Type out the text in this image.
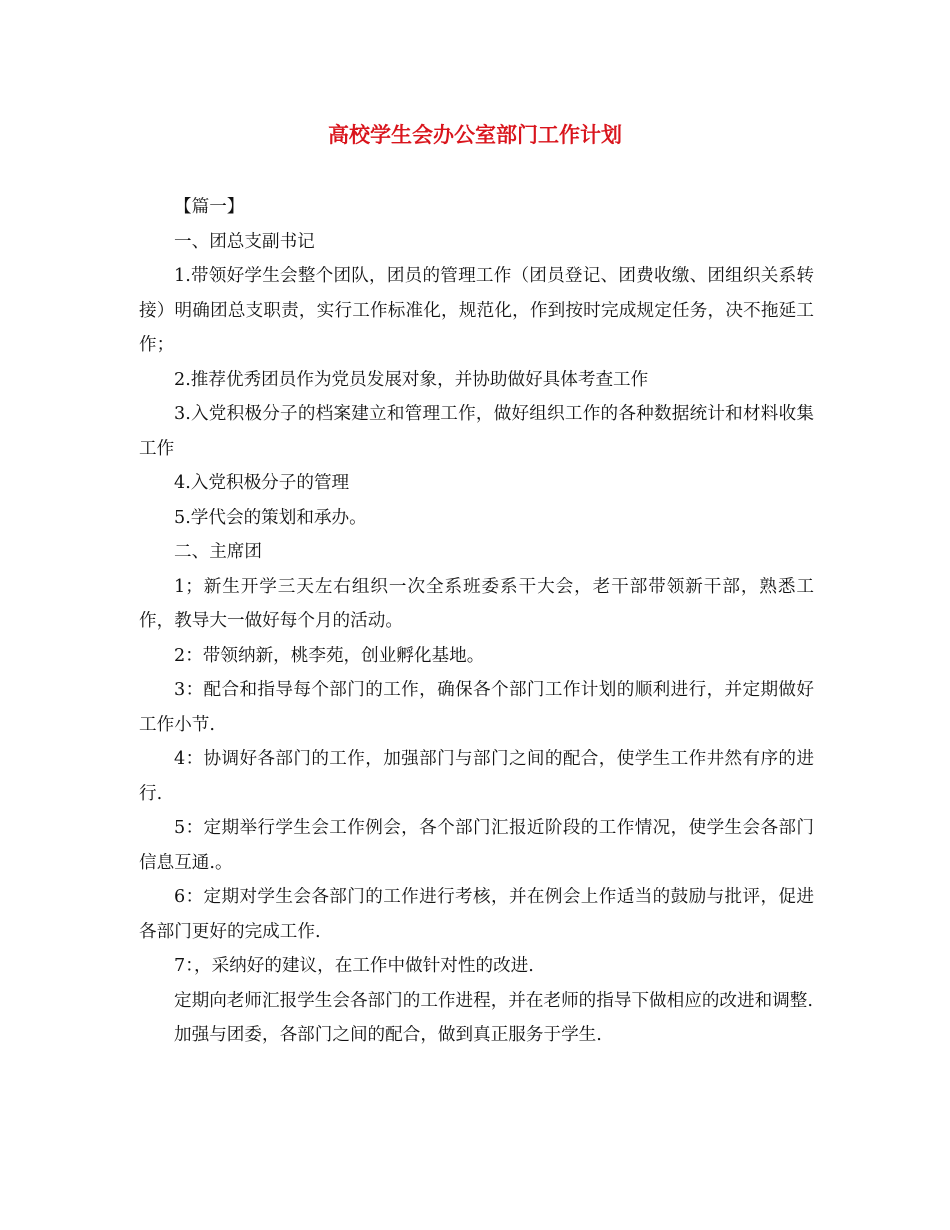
高校学生会办公室部门工作计划

【篇一】

一、团总支副书记

1.带领好学生会整个团队，团员的管理工作（团员登记、团费收缴、团组织关系转接）明确团总支职责，实行工作标准化，规范化，作到按时完成规定任务，决不拖延工作；

2.推荐优秀团员作为党员发展对象，并协助做好具体考查工作

3.入党积极分子的档案建立和管理工作，做好组织工作的各种数据统计和材料收集工作

4.入党积极分子的管理

5.学代会的策划和承办。

二、主席团

1；新生开学三天左右组织一次全系班委系干大会，老干部带领新干部，熟悉工作，教导大一做好每个月的活动。

2：带领纳新，桃李苑，创业孵化基地。

3：配合和指导每个部门的工作，确保各个部门工作计划的顺利进行，并定期做好工作小节.

4：协调好各部门的工作，加强部门与部门之间的配合，使学生工作井然有序的进行.

5：定期举行学生会工作例会，各个部门汇报近阶段的工作情况，使学生会各部门信息互通.。

6：定期对学生会各部门的工作进行考核，并在例会上作适当的鼓励与批评，促进各部门更好的完成工作.

7：，采纳好的建议，在工作中做针对性的改进.

定期向老师汇报学生会各部门的工作进程，并在老师的指导下做相应的改进和调整.

加强与团委，各部门之间的配合，做到真正服务于学生.
